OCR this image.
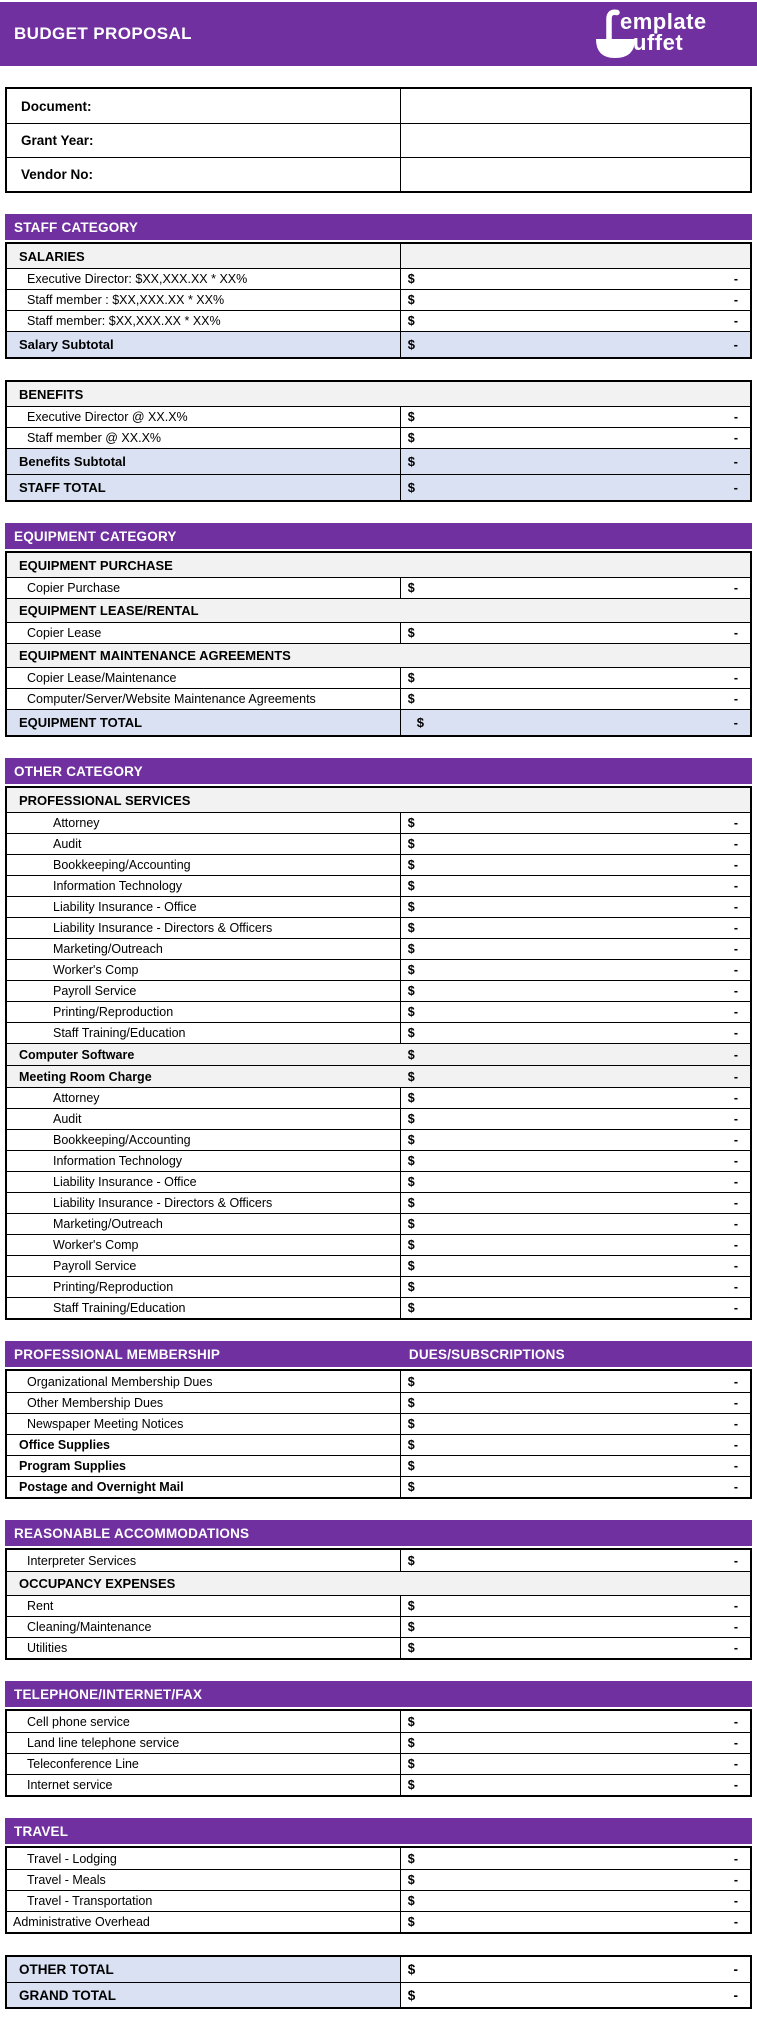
BUDGET PROPOSAL	emplate
uffet
Document:
Grant Year:
Vendor No:
STAFF CATEGORY
SALARIES
Executive Director: $XX,XXX.XX * XX%	$	-
Staff member : $XX,XXX.XX * XX%	$	-
Staff member: $XX,XXX.XX * XX%	$	-
Salary Subtotal	$	-
BENEFITS
Executive Director @ XX.X%	$	-
Staff member @ XX.X%	$	-
Benefits Subtotal	$	-
STAFF TOTAL	$	-
EQUIPMENT CATEGORY
EQUIPMENT PURCHASE
Copier Purchase	$	-
EQUIPMENT LEASE/RENTAL
Copier Lease	$	-
EQUIPMENT MAINTENANCE AGREEMENTS
Copier Lease/Maintenance	$	-
Computer/Server/Website Maintenance Agreements	$	-
EQUIPMENT TOTAL	$	-
OTHER CATEGORY
PROFESSIONAL SERVICES
Attorney	$	-
Audit	$	-
Bookkeeping/Accounting	$	-
Information Technology	$	-
Liability Insurance - Office	$	-
Liability Insurance - Directors & Officers	$	-
Marketing/Outreach	$	-
Worker's Comp	$	-
Payroll Service	$	-
Printing/Reproduction	$	-
Staff Training/Education	$	-
Computer Software	$	-
Meeting Room Charge	$	-
Attorney	$	-
Audit	$	-
Bookkeeping/Accounting	$	-
Information Technology	$	-
Liability Insurance - Office	$	-
Liability Insurance - Directors & Officers	$	-
Marketing/Outreach	$	-
Worker's Comp	$	-
Payroll Service	$	-
Printing/Reproduction	$	-
Staff Training/Education	$	-
PROFESSIONAL MEMBERSHIP	DUES/SUBSCRIPTIONS
Organizational Membership Dues	$	-
Other Membership Dues	$	-
Newspaper Meeting Notices	$	-
Office Supplies	$	-
Program Supplies	$	-
Postage and Overnight Mail	$	-
REASONABLE ACCOMMODATIONS
Interpreter Services	$	-
OCCUPANCY EXPENSES
Rent	$	-
Cleaning/Maintenance	$	-
Utilities	$	-
TELEPHONE/INTERNET/FAX
Cell phone service	$	-
Land line telephone service	$	-
Teleconference Line	$	-
Internet service	$	-
TRAVEL
Travel - Lodging	$	-
Travel - Meals	$	-
Travel - Transportation	$	-
Administrative Overhead	$	-
OTHER TOTAL	$	-
GRAND TOTAL	$	-
